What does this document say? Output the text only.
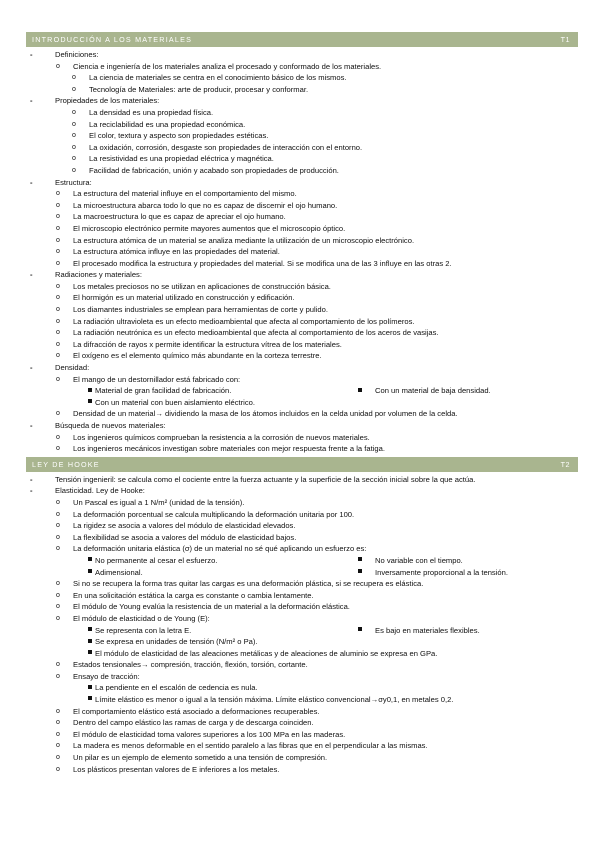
INTRODUCCIÓN A LOS MATERIALES	T1
-	Definiciones:
o Ciencia e ingeniería de los materiales analiza el procesado y conformado de los materiales.
o La ciencia de materiales se centra en el conocimiento básico de los mismos.
o Tecnología de Materiales: arte de producir, procesar y conformar.
-	Propiedades de los materiales:
o La densidad es una propiedad física.
o La reciclabilidad es una propiedad económica.
o El color, textura y aspecto son propiedades estéticas.
o La oxidación, corrosión, desgaste son propiedades de interacción con el entorno.
o La resistividad es una propiedad eléctrica y magnética.
o Facilidad de fabricación, unión y acabado son propiedades de producción.
-	Estructura:
o La estructura del material influye en el comportamiento del mismo.
o La microestructura abarca todo lo que no es capaz de discernir el ojo humano.
o La macroestructura lo que es capaz de apreciar el ojo humano.
o El microscopio electrónico permite mayores aumentos que el microscopio óptico.
o La estructura atómica de un material se analiza mediante la utilización de un microscopio electrónico.
o La estructura atómica influye en las propiedades del material.
o El procesado modifica la estructura y propiedades del material. Si se modifica una de las 3 influye en las otras 2.
-	Radiaciones y materiales:
o Los metales preciosos no se utilizan en aplicaciones de construcción básica.
o El hormigón es un material utilizado en construcción y edificación.
o Los diamantes industriales se emplean para herramientas de corte y pulido.
o La radiación ultravioleta es un efecto medioambiental que afecta al comportamiento de los polímeros.
o La radiación neutrónica es un efecto medioambiental que afecta al comportamiento de los aceros de vasijas.
o La difracción de rayos x permite identificar la estructura vítrea de los materiales.
o El oxígeno es el elemento químico más abundante en la corteza terrestre.
-	Densidad:
o El mango de un destornillador está fabricado con:
Material de gran facilidad de fabricación.	Con un material de baja densidad.
Con un material con buen aislamiento eléctrico.
o Densidad de un material→ dividiendo la masa de los átomos incluidos en la celda unidad por volumen de la celda.
-	Búsqueda de nuevos materiales:
o Los ingenieros químicos comprueban la resistencia a la corrosión de nuevos materiales.
o Los ingenieros mecánicos investigan sobre materiales con mejor respuesta frente a la fatiga.
LEY DE HOOKE	T2
-	Tensión ingenieril: se calcula como el cociente entre la fuerza actuante y la superficie de la sección inicial sobre la que actúa.
-	Elasticidad. Ley de Hooke:
o Un Pascal es igual a 1 N/m² (unidad de la tensión).
o La deformación porcentual se calcula multiplicando la deformación unitaria por 100.
o La rigidez se asocia a valores del módulo de elasticidad elevados.
o La flexibilidad se asocia a valores del módulo de elasticidad bajos.
o La deformación unitaria elástica (σ) de un material no sé qué aplicando un esfuerzo es:
No permanente al cesar el esfuerzo.	No variable con el tiempo.
Adimensional.	Inversamente proporcional a la tensión.
o Si no se recupera la forma tras quitar las cargas es una deformación plástica, si se recupera es elástica.
o En una solicitación estática la carga es constante o cambia lentamente.
o El módulo de Young evalúa la resistencia de un material a la deformación elástica.
o El módulo de elasticidad o de Young (E):
Se representa con la letra E.	Es bajo en materiales flexibles.
Se expresa en unidades de tensión (N/m² o Pa).
El módulo de elasticidad de las aleaciones metálicas y de aleaciones de aluminio se expresa en GPa.
o Estados tensionales→ compresión, tracción, flexión, torsión, cortante.
o Ensayo de tracción:
La pendiente en el escalón de cedencia es nula.
Límite elástico es menor o igual a la tensión máxima. Límite elástico convencional→σy0,1, en metales 0,2.
o El comportamiento elástico está asociado a deformaciones recuperables.
o Dentro del campo elástico las ramas de carga y de descarga coinciden.
o El módulo de elasticidad toma valores superiores a los 100 MPa en las maderas.
o La madera es menos deformable en el sentido paralelo a las fibras que en el perpendicular a las mismas.
o Un pilar es un ejemplo de elemento sometido a una tensión de compresión.
o Los plásticos presentan valores de E inferiores a los metales.
